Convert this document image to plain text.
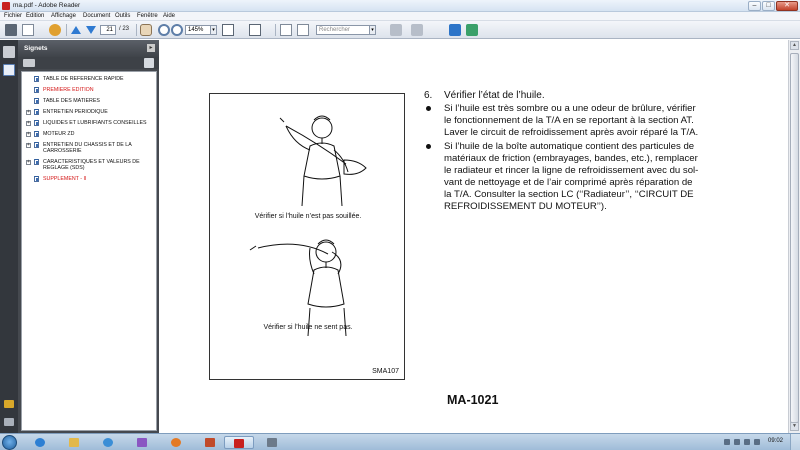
ma.pdf - Adobe Reader	–	□	✕
Fichier Edition Affichage Document Outils Fenêtre Aide
21	/ 23	145%	▾	Rechercher	▾
Signets	▸
TABLE DE REFERENCE RAPIDE
PREMIERE EDITION
TABLE DES MATIERES
+ ENTRETIEN PERIODIQUE
+ LIQUIDES ET LUBRIFIANTS CONSEILLES
+ MOTEUR ZD
+ ENTRETIEN DU CHASSIS ET DE LA CARROSSERIE
+ CARACTERISTIQUES ET VALEURS DE REGLAGE (SDS)
SUPPLEMENT - II
Vérifier si l’huile n’est pas souillée.
Vérifier si l’huile ne sent pas.
SMA107
6. Vérifier l’état de l’huile.
Si l’huile est très sombre ou a une odeur de brûlure, vérifier
le fonctionnement de la T/A en se reportant à la section AT.
Laver le circuit de refroidissement après avoir réparé la T/A.
Si l’huile de la boîte automatique contient des particules de
matériaux de friction (embrayages, bandes, etc.), remplacer
le radiateur et rincer la ligne de refroidissement avec du sol-
vant de nettoyage et de l’air comprimé après réparation de
la T/A. Consulter la section LC (‘‘Radiateur’’, ‘‘CIRCUIT DE
REFROIDISSEMENT DU MOTEUR’’).
MA-1021
▲
▼
09:02
